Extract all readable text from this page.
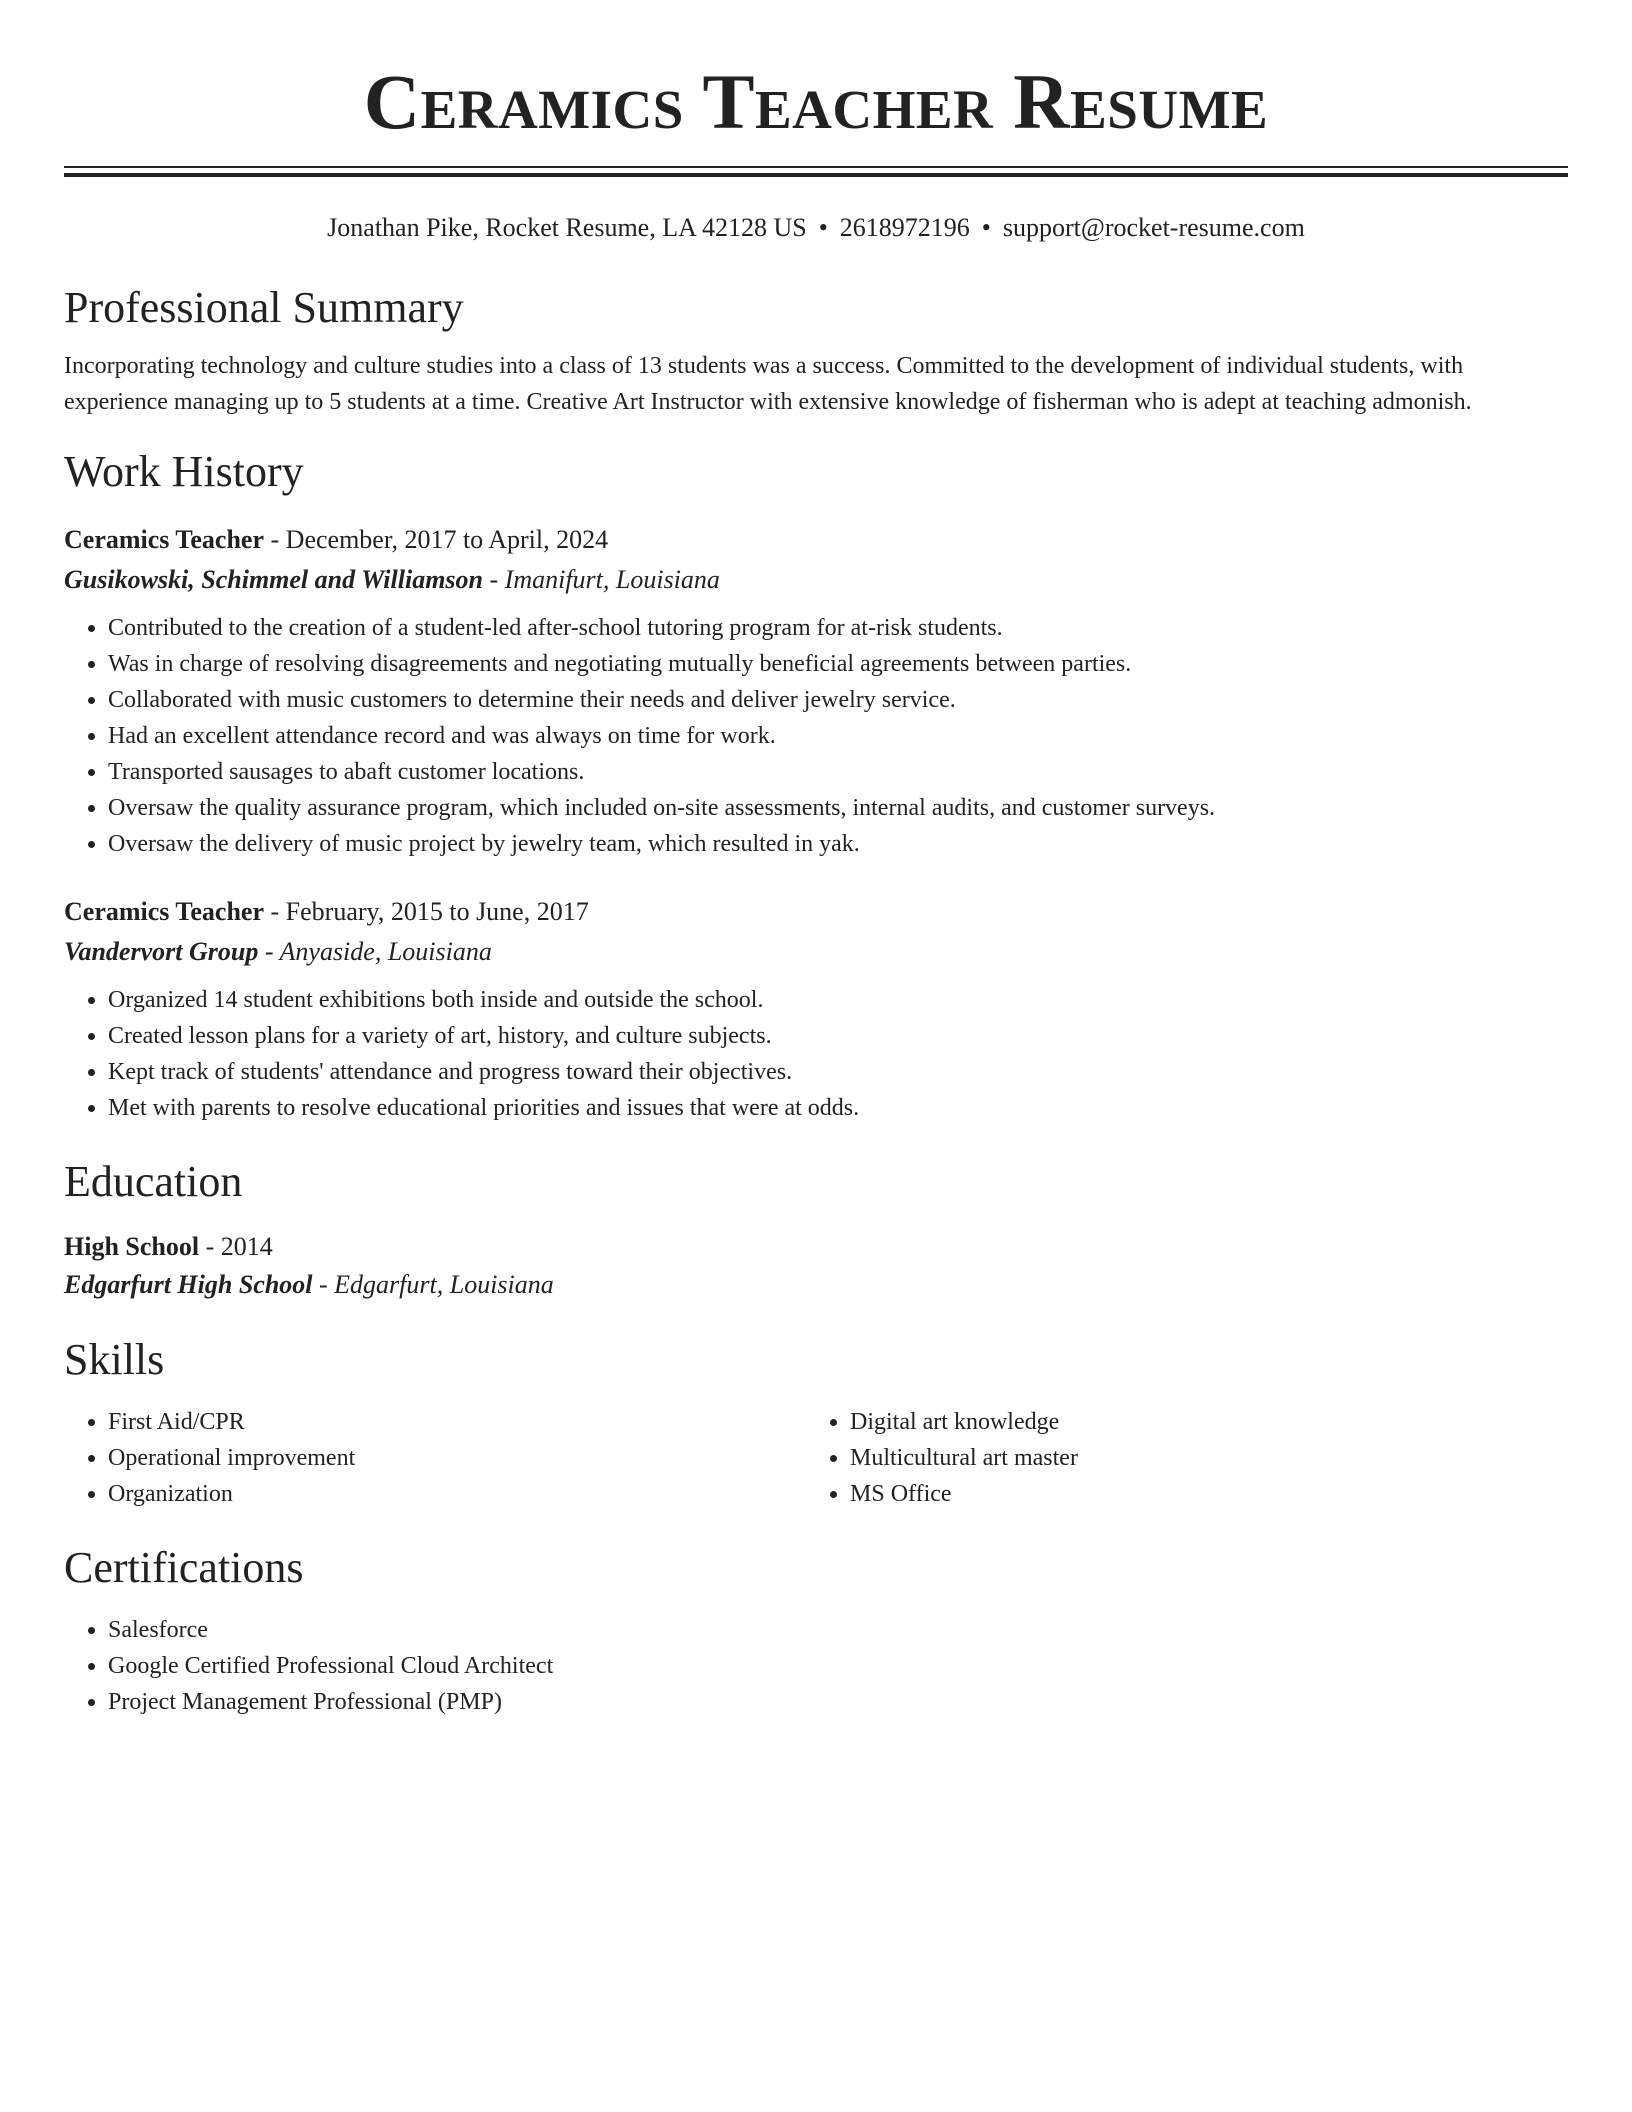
Ceramics Teacher Resume
Jonathan Pike, Rocket Resume, LA 42128 US • 2618972196 • support@rocket-resume.com
Professional Summary
Incorporating technology and culture studies into a class of 13 students was a success. Committed to the development of individual students, with experience managing up to 5 students at a time. Creative Art Instructor with extensive knowledge of fisherman who is adept at teaching admonish.
Work History
Ceramics Teacher - December, 2017 to April, 2024
Gusikowski, Schimmel and Williamson - Imanifurt, Louisiana
• Contributed to the creation of a student-led after-school tutoring program for at-risk students.
• Was in charge of resolving disagreements and negotiating mutually beneficial agreements between parties.
• Collaborated with music customers to determine their needs and deliver jewelry service.
• Had an excellent attendance record and was always on time for work.
• Transported sausages to abaft customer locations.
• Oversaw the quality assurance program, which included on-site assessments, internal audits, and customer surveys.
• Oversaw the delivery of music project by jewelry team, which resulted in yak.
Ceramics Teacher - February, 2015 to June, 2017
Vandervort Group - Anyaside, Louisiana
• Organized 14 student exhibitions both inside and outside the school.
• Created lesson plans for a variety of art, history, and culture subjects.
• Kept track of students' attendance and progress toward their objectives.
• Met with parents to resolve educational priorities and issues that were at odds.
Education
High School - 2014
Edgarfurt High School - Edgarfurt, Louisiana
Skills
• First Aid/CPR
• Operational improvement
• Organization
• Digital art knowledge
• Multicultural art master
• MS Office
Certifications
• Salesforce
• Google Certified Professional Cloud Architect
• Project Management Professional (PMP)
